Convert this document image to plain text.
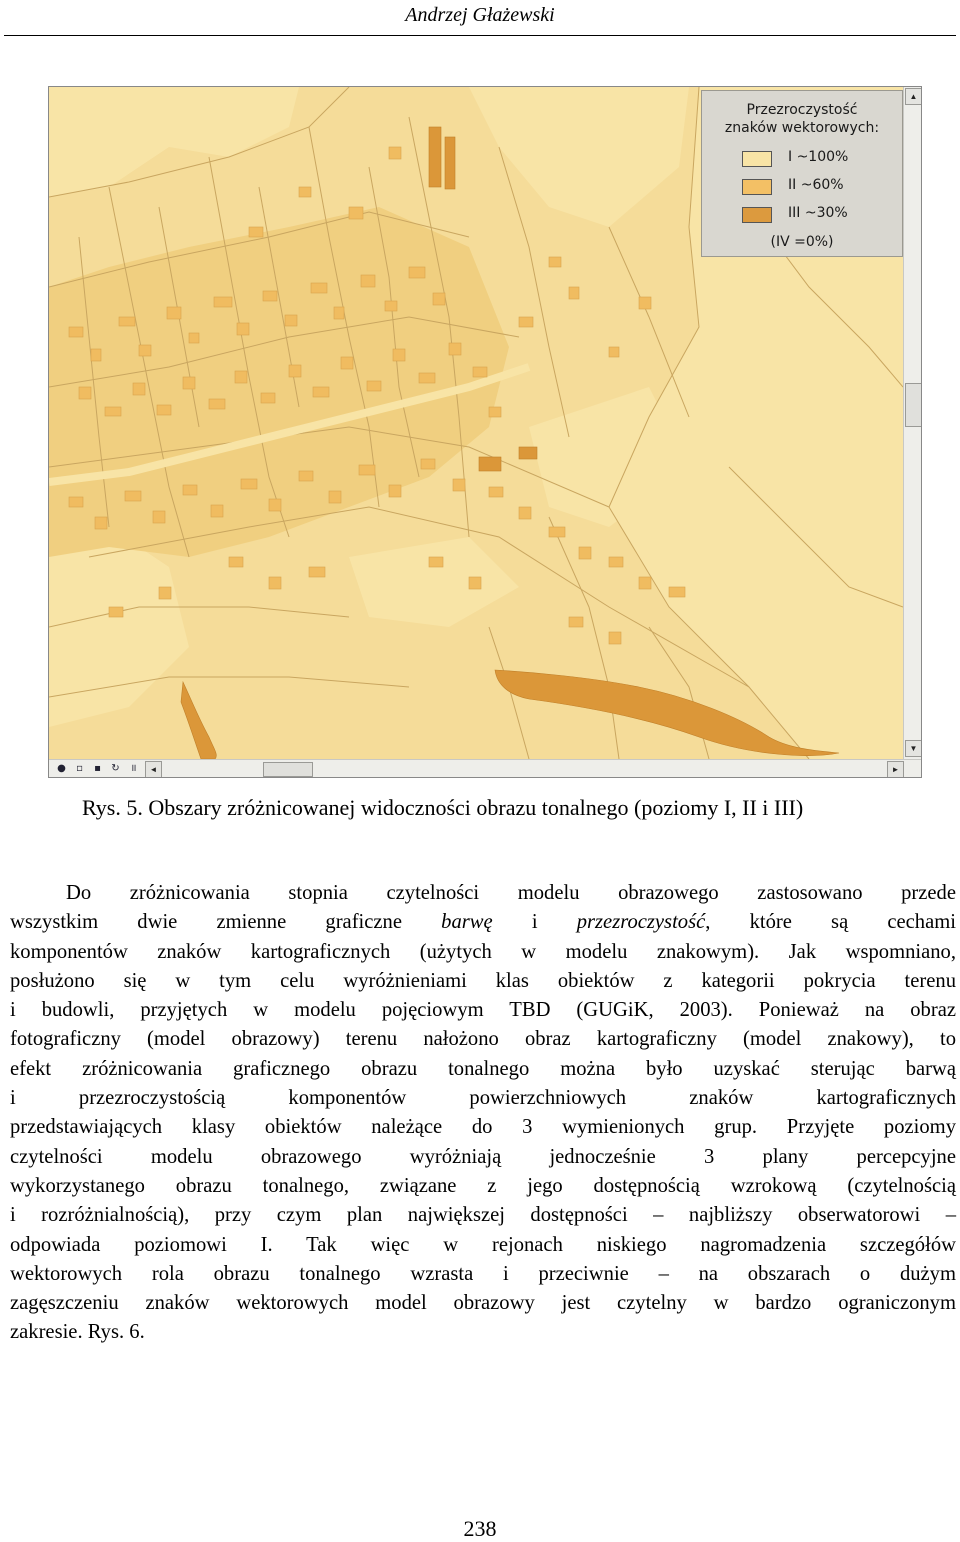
Andrzej Głażewski
Przezroczystość
znaków wektorowych:
I ~100%
II ~60%
III ~30%
(IV =0%)
▲
▼
●	▫	▪	↻	॥	◄	►
Rys. 5. Obszary zróżnicowanej widoczności obrazu tonalnego (poziomy I, II i III)
Do zróżnicowania stopnia czytelności modelu obrazowego zastosowano przede
wszystkim dwie zmienne graficzne barwę i przezroczystość, które są cechami
komponentów znaków kartograficznych (użytych w modelu znakowym). Jak wspomniano,
posłużono się w tym celu wyróżnieniami klas obiektów z kategorii pokrycia terenu
i budowli, przyjętych w modelu pojęciowym TBD (GUGiK, 2003). Ponieważ na obraz
fotograficzny (model obrazowy) terenu nałożono obraz kartograficzny (model znakowy), to
efekt zróżnicowania graficznego obrazu tonalnego można było uzyskać sterując barwą
i przezroczystością komponentów powierzchniowych znaków kartograficznych
przedstawiających klasy obiektów należące do 3 wymienionych grup. Przyjęte poziomy
czytelności modelu obrazowego wyróżniają jednocześnie 3 plany percepcyjne
wykorzystanego obrazu tonalnego, związane z jego dostępnością wzrokową (czytelnością
i rozróżnialnością), przy czym plan największej dostępności – najbliższy obserwatorowi –
odpowiada poziomowi I. Tak więc w rejonach niskiego nagromadzenia szczegółów
wektorowych rola obrazu tonalnego wzrasta i przeciwnie – na obszarach o dużym
zagęszczeniu znaków wektorowych model obrazowy jest czytelny w bardzo ograniczonym
zakresie. Rys. 6.
238
